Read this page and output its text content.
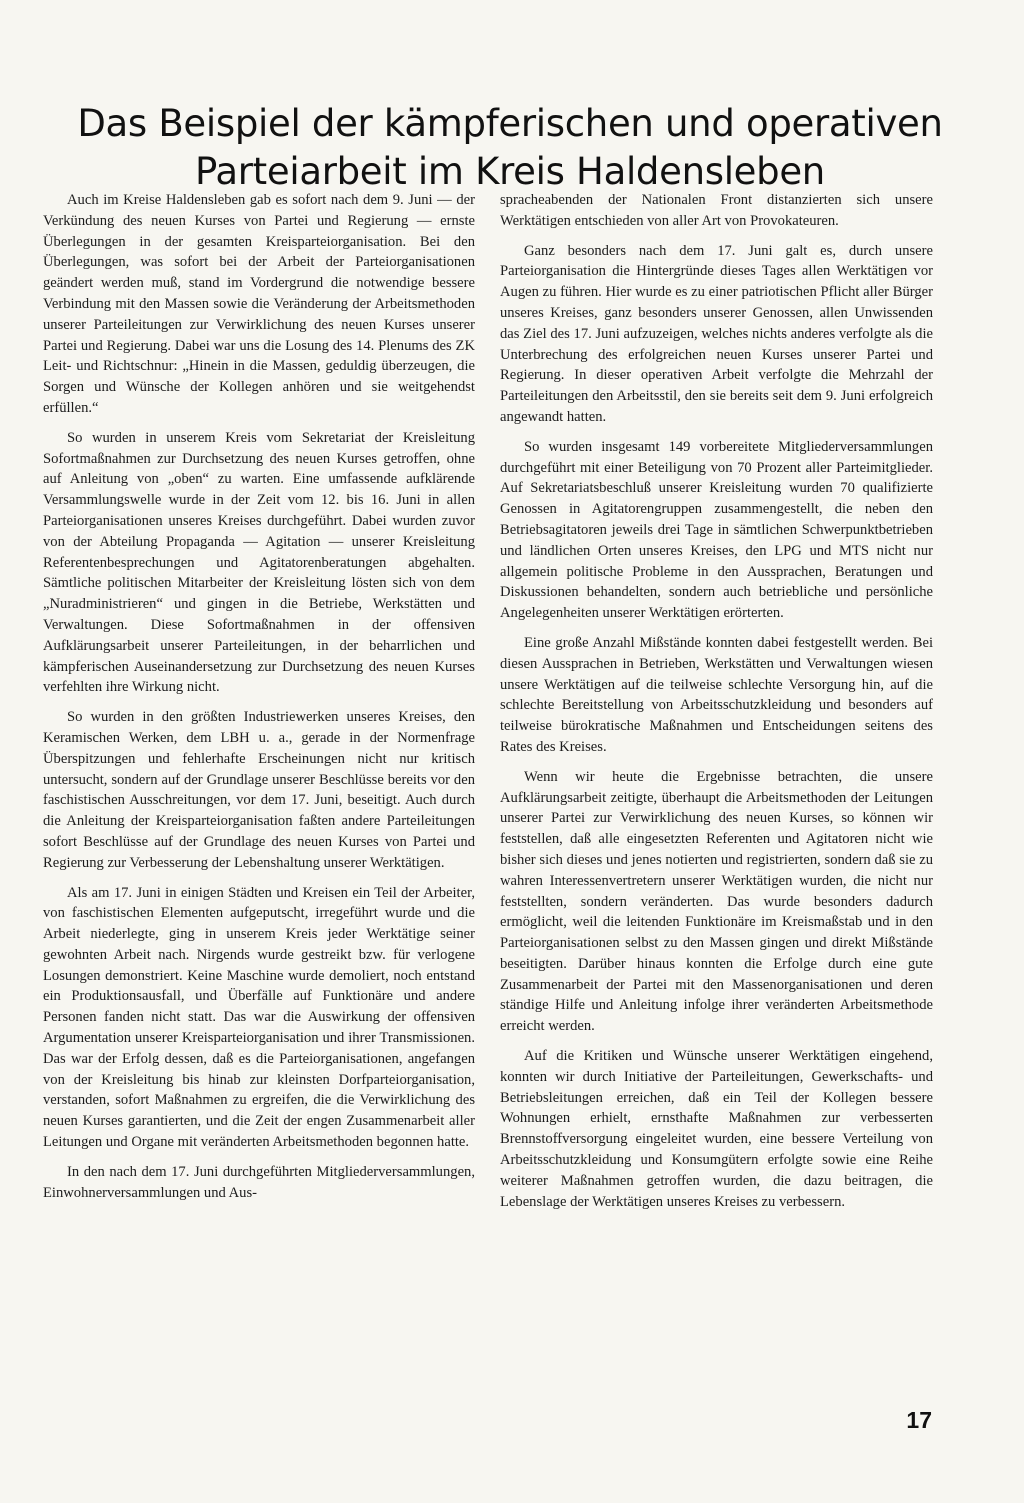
Das Beispiel der kämpferischen und operativen
Parteiarbeit im Kreis Haldensleben

Auch im Kreise Haldensleben gab es sofort nach dem 9. Juni — der Verkündung des neuen Kurses von Partei und Regierung — ernste Überlegungen in der gesamten Kreisparteiorganisation. Bei den Überlegungen, was sofort bei der Arbeit der Parteiorganisationen geändert werden muß, stand im Vordergrund die notwendige bessere Verbindung mit den Massen sowie die Veränderung der Arbeitsmethoden unserer Parteileitungen zur Verwirklichung des neuen Kurses unserer Partei und Regierung. Dabei war uns die Losung des 14. Plenums des ZK Leit- und Richtschnur: „Hinein in die Massen, geduldig überzeugen, die Sorgen und Wünsche der Kollegen anhören und sie weitgehendst erfüllen.“

So wurden in unserem Kreis vom Sekretariat der Kreisleitung Sofortmaßnahmen zur Durchsetzung des neuen Kurses getroffen, ohne auf Anleitung von „oben“ zu warten. Eine umfassende aufklärende Versammlungswelle wurde in der Zeit vom 12. bis 16. Juni in allen Parteiorganisationen unseres Kreises durchgeführt. Dabei wurden zuvor von der Abteilung Propaganda — Agitation — unserer Kreisleitung Referentenbesprechungen und Agitatorenberatungen abgehalten. Sämtliche politischen Mitarbeiter der Kreisleitung lösten sich von dem „Nuradministrieren“ und gingen in die Betriebe, Werkstätten und Verwaltungen. Diese Sofortmaßnahmen in der offensiven Aufklärungsarbeit unserer Parteileitungen, in der beharrlichen und kämpferischen Auseinandersetzung zur Durchsetzung des neuen Kurses verfehlten ihre Wirkung nicht.

So wurden in den größten Industriewerken unseres Kreises, den Keramischen Werken, dem LBH u. a., gerade in der Normenfrage Überspitzungen und fehlerhafte Erscheinungen nicht nur kritisch untersucht, sondern auf der Grundlage unserer Beschlüsse bereits vor den faschistischen Ausschreitungen, vor dem 17. Juni, beseitigt. Auch durch die Anleitung der Kreisparteiorganisation faßten andere Parteileitungen sofort Beschlüsse auf der Grundlage des neuen Kurses von Partei und Regierung zur Verbesserung der Lebenshaltung unserer Werktätigen.

Als am 17. Juni in einigen Städten und Kreisen ein Teil der Arbeiter, von faschistischen Elementen aufgeputscht, irregeführt wurde und die Arbeit niederlegte, ging in unserem Kreis jeder Werktätige seiner gewohnten Arbeit nach. Nirgends wurde gestreikt bzw. für verlogene Losungen demonstriert. Keine Maschine wurde demoliert, noch entstand ein Produktionsausfall, und Überfälle auf Funktionäre und andere Personen fanden nicht statt. Das war die Auswirkung der offensiven Argumentation unserer Kreisparteiorganisation und ihrer Transmissionen. Das war der Erfolg dessen, daß es die Parteiorganisationen, angefangen von der Kreisleitung bis hinab zur kleinsten Dorfparteiorganisation, verstanden, sofort Maßnahmen zu ergreifen, die die Verwirklichung des neuen Kurses garantierten, und die Zeit der engen Zusammenarbeit aller Leitungen und Organe mit veränderten Arbeitsmethoden begonnen hatte.

In den nach dem 17. Juni durchgeführten Mitgliederversammlungen, Einwohnerversammlungen und Aus-

spracheabenden der Nationalen Front distanzierten sich unsere Werktätigen entschieden von aller Art von Provokateuren.

Ganz besonders nach dem 17. Juni galt es, durch unsere Parteiorganisation die Hintergründe dieses Tages allen Werktätigen vor Augen zu führen. Hier wurde es zu einer patriotischen Pflicht aller Bürger unseres Kreises, ganz besonders unserer Genossen, allen Unwissenden das Ziel des 17. Juni aufzuzeigen, welches nichts anderes verfolgte als die Unterbrechung des erfolgreichen neuen Kurses unserer Partei und Regierung. In dieser operativen Arbeit verfolgte die Mehrzahl der Parteileitungen den Arbeitsstil, den sie bereits seit dem 9. Juni erfolgreich angewandt hatten.

So wurden insgesamt 149 vorbereitete Mitgliederversammlungen durchgeführt mit einer Beteiligung von 70 Prozent aller Parteimitglieder. Auf Sekretariatsbeschluß unserer Kreisleitung wurden 70 qualifizierte Genossen in Agitatorengruppen zusammengestellt, die neben den Betriebsagitatoren jeweils drei Tage in sämtlichen Schwerpunktbetrieben und ländlichen Orten unseres Kreises, den LPG und MTS nicht nur allgemein politische Probleme in den Aussprachen, Beratungen und Diskussionen behandelten, sondern auch betriebliche und persönliche Angelegenheiten unserer Werktätigen erörterten.

Eine große Anzahl Mißstände konnten dabei festgestellt werden. Bei diesen Aussprachen in Betrieben, Werkstätten und Verwaltungen wiesen unsere Werktätigen auf die teilweise schlechte Versorgung hin, auf die schlechte Bereitstellung von Arbeitsschutzkleidung und besonders auf teilweise bürokratische Maßnahmen und Entscheidungen seitens des Rates des Kreises.

Wenn wir heute die Ergebnisse betrachten, die unsere Aufklärungsarbeit zeitigte, überhaupt die Arbeitsmethoden der Leitungen unserer Partei zur Verwirklichung des neuen Kurses, so können wir feststellen, daß alle eingesetzten Referenten und Agitatoren nicht wie bisher sich dieses und jenes notierten und registrierten, sondern daß sie zu wahren Interessenvertretern unserer Werktätigen wurden, die nicht nur feststellten, sondern veränderten. Das wurde besonders dadurch ermöglicht, weil die leitenden Funktionäre im Kreismaßstab und in den Parteiorganisationen selbst zu den Massen gingen und direkt Mißstände beseitigten. Darüber hinaus konnten die Erfolge durch eine gute Zusammenarbeit der Partei mit den Massenorganisationen und deren ständige Hilfe und Anleitung infolge ihrer veränderten Arbeitsmethode erreicht werden.

Auf die Kritiken und Wünsche unserer Werktätigen eingehend, konnten wir durch Initiative der Parteileitungen, Gewerkschafts- und Betriebsleitungen erreichen, daß ein Teil der Kollegen bessere Wohnungen erhielt, ernsthafte Maßnahmen zur verbesserten Brennstoffversorgung eingeleitet wurden, eine bessere Verteilung von Arbeitsschutzkleidung und Konsumgütern erfolgte sowie eine Reihe weiterer Maßnahmen getroffen wurden, die dazu beitragen, die Lebenslage der Werktätigen unseres Kreises zu verbessern.

17
